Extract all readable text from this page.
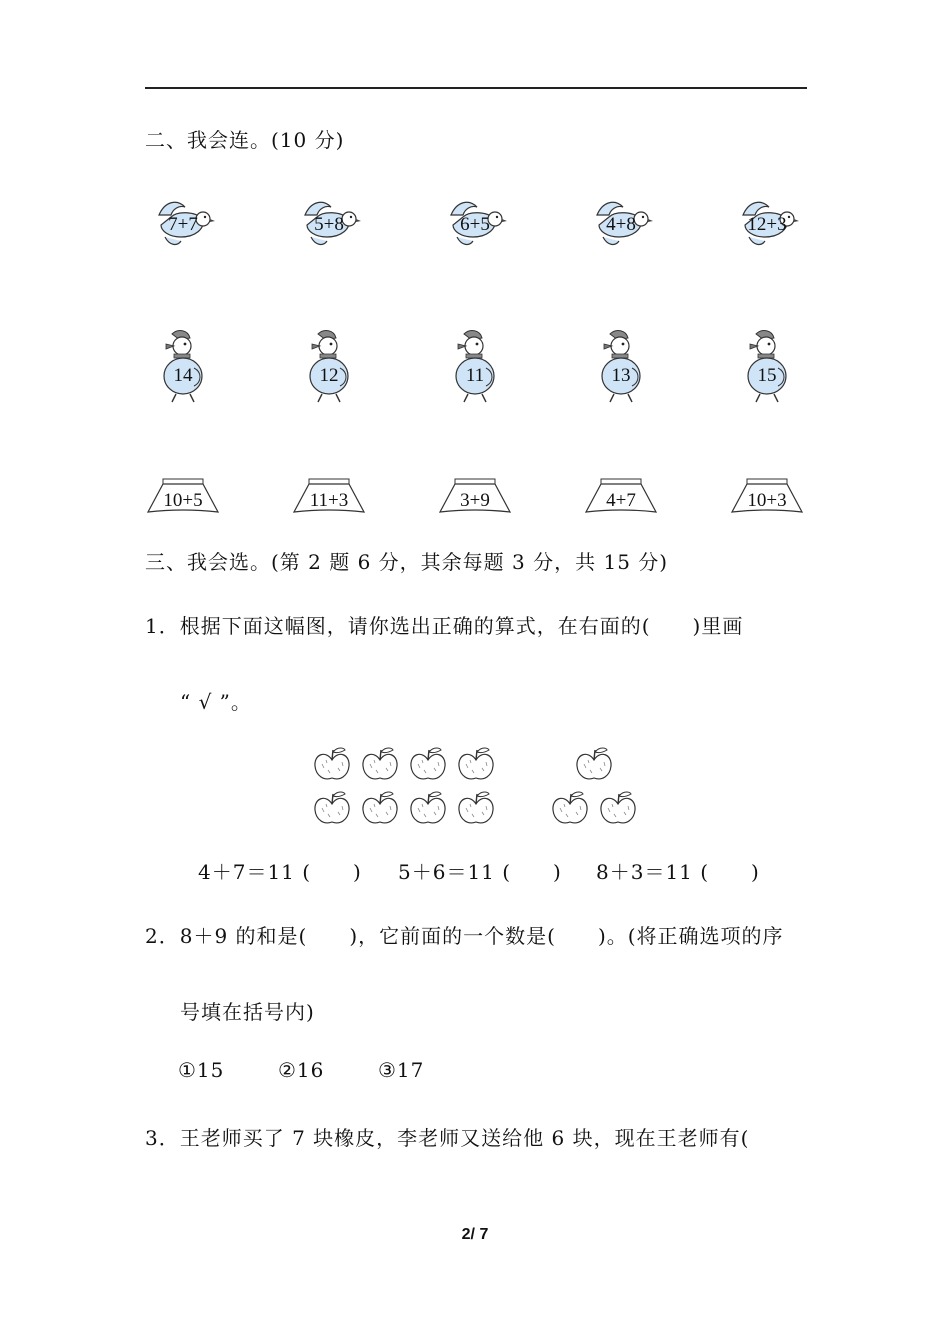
二、我会连。(10 分)
7+7	5+8	6+5	4+8	12+3
14	12	11	13	15
10+5	11+3	3+9	4+7	10+3
三、我会选。(第 2 题 6 分，其余每题 3 分，共 15 分)
1．根据下面这幅图，请你选出正确的算式，在右面的(　　)里画
“ √ ”。
4＋7＝11 (　　) 5＋6＝11 (　　) 8＋3＝11 (　　)
2．8＋9 的和是(　　)，它前面的一个数是(　　)。(将正确选项的序
号填在括号内)
①15	②16	③17
3．王老师买了 7 块橡皮，李老师又送给他 6 块，现在王老师有(
2/ 7
